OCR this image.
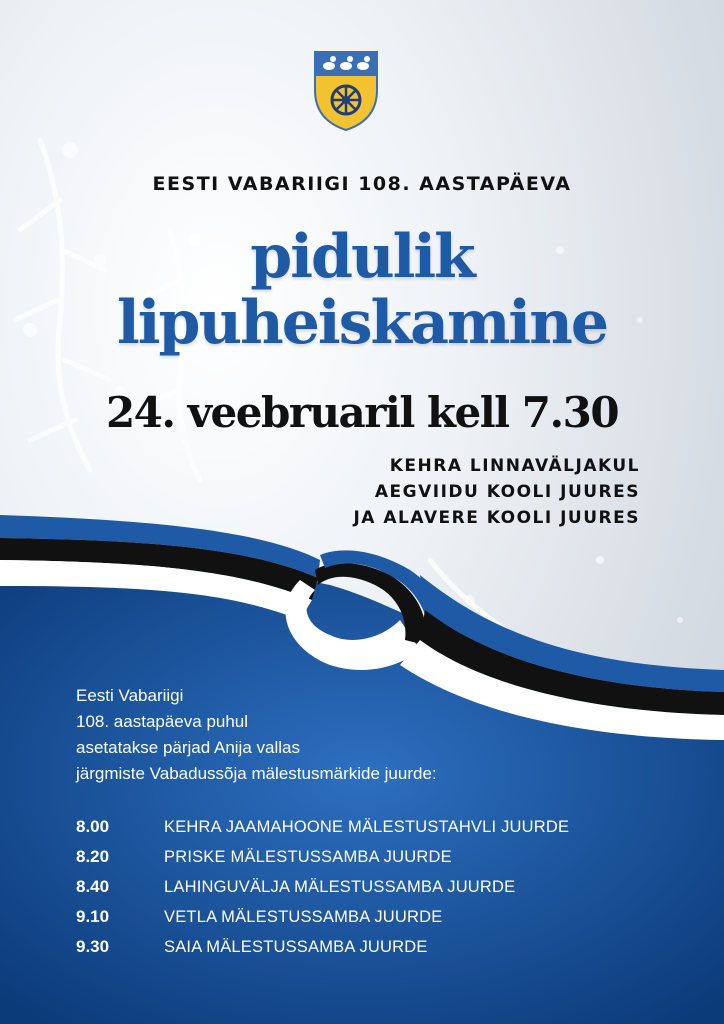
EESTI VABARIIGI 108. AASTAPÄEVA
pidulik
lipuheiskamine
24. veebruaril kell 7.30
KEHRA LINNAVÄLJAKUL
AEGVIIDU KOOLI JUURES
JA ALAVERE KOOLI JUURES
Eesti Vabariigi
108. aastapäeva puhul
asetatakse pärjad Anija vallas
järgmiste Vabadussõja mälestusmärkide juurde:
8.00	KEHRA JAAMAHOONE MÄLESTUSTAHVLI JUURDE
8.20	PRISKE MÄLESTUSSAMBA JUURDE
8.40	LAHINGUVÄLJA MÄLESTUSSAMBA JUURDE
9.10	VETLA MÄLESTUSSAMBA JUURDE
9.30	SAIA MÄLESTUSSAMBA JUURDE
